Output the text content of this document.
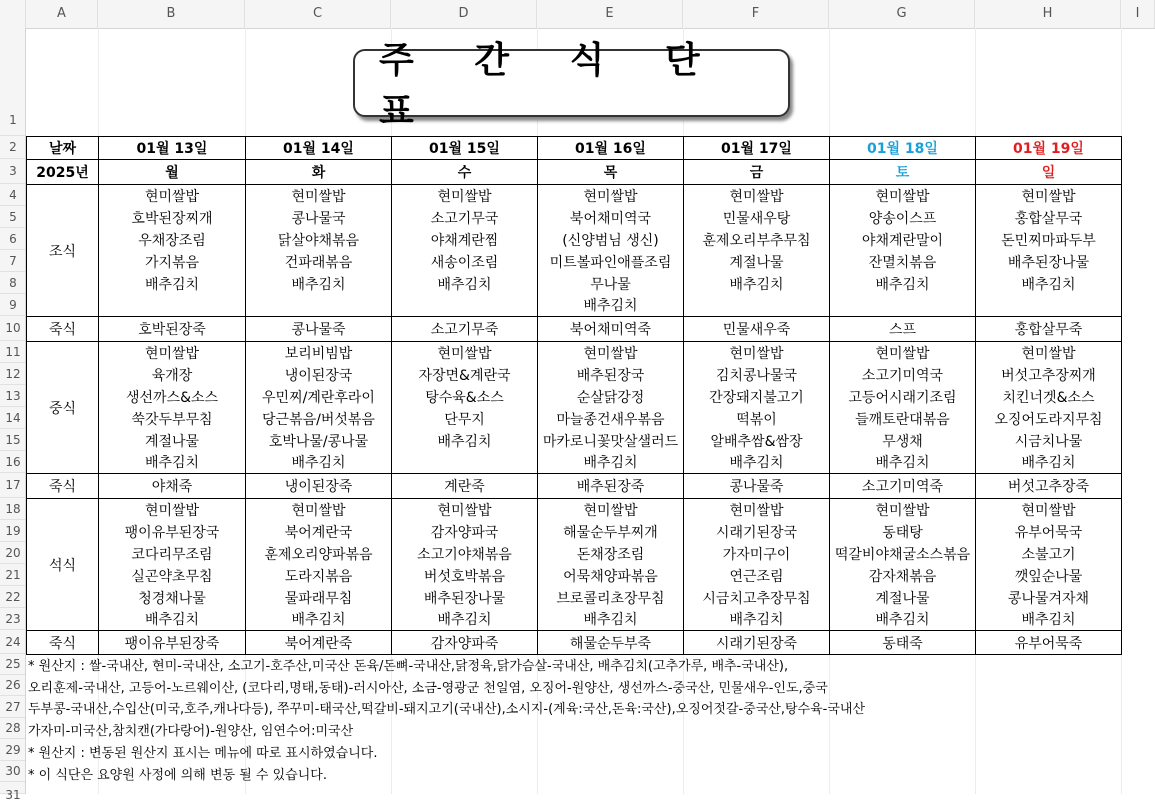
A	B	C	D	E	F	G	H	I
1
2
3
4
5
6
7
8
9
10
11
12
13
14
15
16
17
18
19
20
21
22
23
24
25
26
27
28
29
30
31
주 간 식 단 표
날짜	01월 13일	01월 14일	01월 15일	01월 16일	01월 17일	01월 18일	01월 19일
2025년	월	화	수	목	금	토	일
조식	현미쌀밥	현미쌀밥	현미쌀밥	현미쌀밥	현미쌀밥	현미쌀밥	현미쌀밥
	호박된장찌개	콩나물국	소고기무국	북어채미역국	민물새우탕	양송이스프	홍합살무국
	우채장조림	닭살야채볶음	야채계란찜	(신양범님 생신)	훈제오리부추무침	야채계란말이	돈민찌마파두부
	가지볶음	건파래볶음	새송이조림	미트볼파인애플조림	계절나물	잔멸치볶음	배추된장나물
	배추김치	배추김치	배추김치	무나물	배추김치	배추김치	배추김치
				배추김치			
죽식	호박된장죽	콩나물죽	소고기무죽	북어채미역죽	민물새우죽	스프	홍합살무죽
중식	현미쌀밥	보리비빔밥	현미쌀밥	현미쌀밥	현미쌀밥	현미쌀밥	현미쌀밥
	육개장	냉이된장국	자장면&계란국	배추된장국	김치콩나물국	소고기미역국	버섯고추장찌개
	생선까스&소스	우민찌/계란후라이	탕수육&소스	순살닭강정	간장돼지불고기	고등어시래기조림	치킨너겟&소스
	쑥갓두부무침	당근볶음/버섯볶음	단무지	마늘종건새우볶음	떡볶이	들깨토란대볶음	오징어도라지무침
	계절나물	호박나물/콩나물	배추김치	마카로니꽃맛살샐러드	알배추쌈&쌈장	무생채	시금치나물
	배추김치	배추김치		배추김치	배추김치	배추김치	배추김치
죽식	야채죽	냉이된장죽	계란죽	배추된장죽	콩나물죽	소고기미역죽	버섯고추장죽
석식	현미쌀밥	현미쌀밥	현미쌀밥	현미쌀밥	현미쌀밥	현미쌀밥	현미쌀밥
	팽이유부된장국	북어계란국	감자양파국	해물순두부찌개	시래기된장국	동태탕	유부어묵국
	코다리무조림	훈제오리양파볶음	소고기야채볶음	돈채장조림	가자미구이	떡갈비야채굴소스볶음	소불고기
	실곤약초무침	도라지볶음	버섯호박볶음	어묵채양파볶음	연근조림	감자채볶음	깻잎순나물
	청경채나물	물파래무침	배추된장나물	브로콜리초장무침	시금치고추장무침	계절나물	콩나물겨자채
	배추김치	배추김치	배추김치	배추김치	배추김치	배추김치	배추김치
죽식	팽이유부된장죽	북어계란죽	감자양파죽	해물순두부죽	시래기된장죽	동태죽	유부어묵죽
* 원산지 : 쌀-국내산, 현미-국내산, 소고기-호주산,미국산 돈육/돈뼈-국내산,닭정육,닭가슴살-국내산, 배추김치(고추가루, 배추-국내산),
오리훈제-국내산, 고등어-노르웨이산, (코다리,명태,동태)-러시아산, 소금-영광군 천일염, 오징어-원양산, 생선까스-중국산, 민물새우-인도,중국
두부콩-국내산,수입산(미국,호주,캐나다등), 쭈꾸미-태국산,떡갈비-돼지고기(국내산),소시지-(계육:국산,돈육:국산),오징어젓갈-중국산,탕수육-국내산
가자미-미국산,참치캔(가다랑어)-원양산, 임연수어:미국산
* 원산지 : 변동된 원산지 표시는 메뉴에 따로 표시하였습니다.
* 이 식단은 요양원 사정에 의해 변동 될 수 있습니다.
